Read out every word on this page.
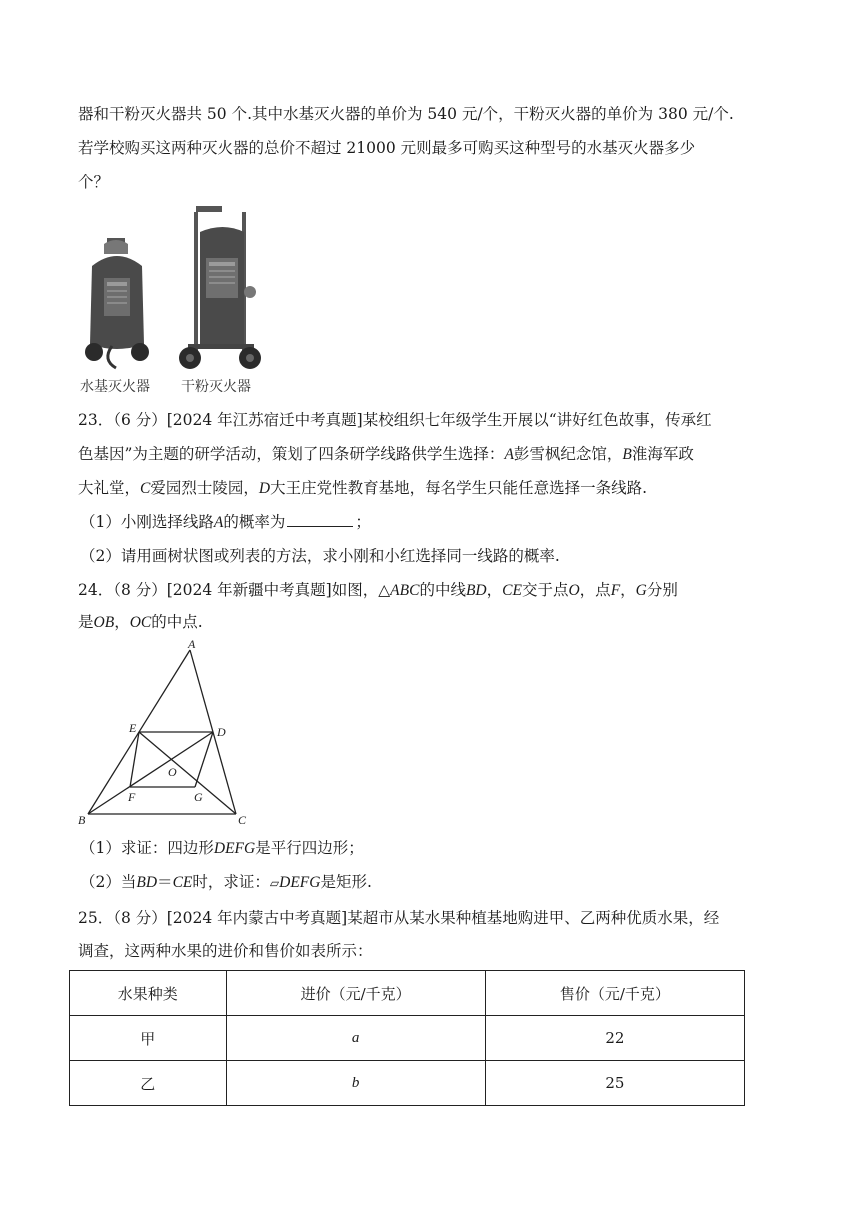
器和干粉灭火器共 50 个.其中水基灭火器的单价为 540 元/个，干粉灭火器的单价为 380 元/个.
若学校购买这两种灭火器的总价不超过 21000 元则最多可购买这种型号的水基灭火器多少
个？
水基灭火器 干粉灭火器
23．（6 分）[2024 年江苏宿迁中考真题]某校组织七年级学生开展以“讲好红色故事，传承红
色基因”为主题的研学活动，策划了四条研学线路供学生选择：A彭雪枫纪念馆，B淮海军政
大礼堂，C爱园烈士陵园，D大王庄党性教育基地，每名学生只能任意选择一条线路.
（1）小刚选择线路A的概率为	；
（2）请用画树状图或列表的方法，求小刚和小红选择同一线路的概率.
24．（8 分）[2024 年新疆中考真题]如图，△ABC的中线BD，CE交于点O，点F，G分别
是OB，OC的中点.
A
B	C
D
E
F	G
O
（1）求证：四边形DEFG是平行四边形；
（2）当BD＝CE时，求证：▱DEFG是矩形.
25．（8 分）[2024 年内蒙古中考真题]某超市从某水果种植基地购进甲、乙两种优质水果，经
调查，这两种水果的进价和售价如表所示：
水果种类	进价（元/千克）	售价（元/千克）
甲	a	22
乙	b	25
